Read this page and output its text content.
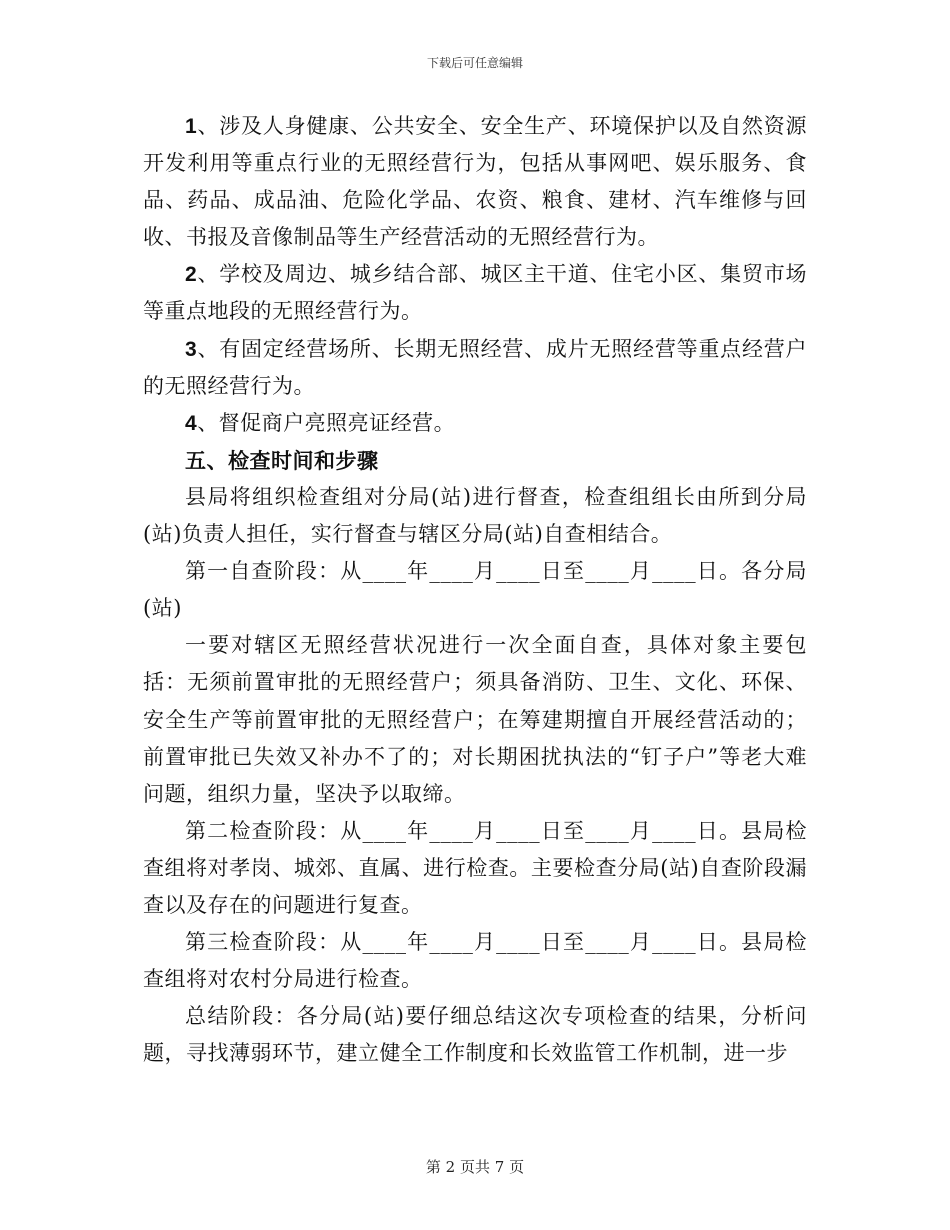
下载后可任意编辑

1、涉及人身健康、公共安全、安全生产、环境保护以及自然资源开发利用等重点行业的无照经营行为，包括从事网吧、娱乐服务、食品、药品、成品油、危险化学品、农资、粮食、建材、汽车维修与回收、书报及音像制品等生产经营活动的无照经营行为。

2、学校及周边、城乡结合部、城区主干道、住宅小区、集贸市场等重点地段的无照经营行为。

3、有固定经营场所、长期无照经营、成片无照经营等重点经营户的无照经营行为。

4、督促商户亮照亮证经营。

五、检查时间和步骤

县局将组织检查组对分局(站)进行督查，检查组组长由所到分局(站)负责人担任，实行督查与辖区分局(站)自查相结合。

第一自查阶段：从____年____月____日至____月____日。各分局(站)

一要对辖区无照经营状况进行一次全面自查，具体对象主要包括：无须前置审批的无照经营户；须具备消防、卫生、文化、环保、安全生产等前置审批的无照经营户；在筹建期擅自开展经营活动的；前置审批已失效又补办不了的；对长期困扰执法的“钉子户”等老大难问题，组织力量，坚决予以取缔。

第二检查阶段：从____年____月____日至____月____日。县局检查组将对孝岗、城郊、直属、进行检查。主要检查分局(站)自查阶段漏查以及存在的问题进行复查。

第三检查阶段：从____年____月____日至____月____日。县局检查组将对农村分局进行检查。

总结阶段：各分局(站)要仔细总结这次专项检查的结果，分析问题，寻找薄弱环节，建立健全工作制度和长效监管工作机制，进一步

第 2 页共 7 页
